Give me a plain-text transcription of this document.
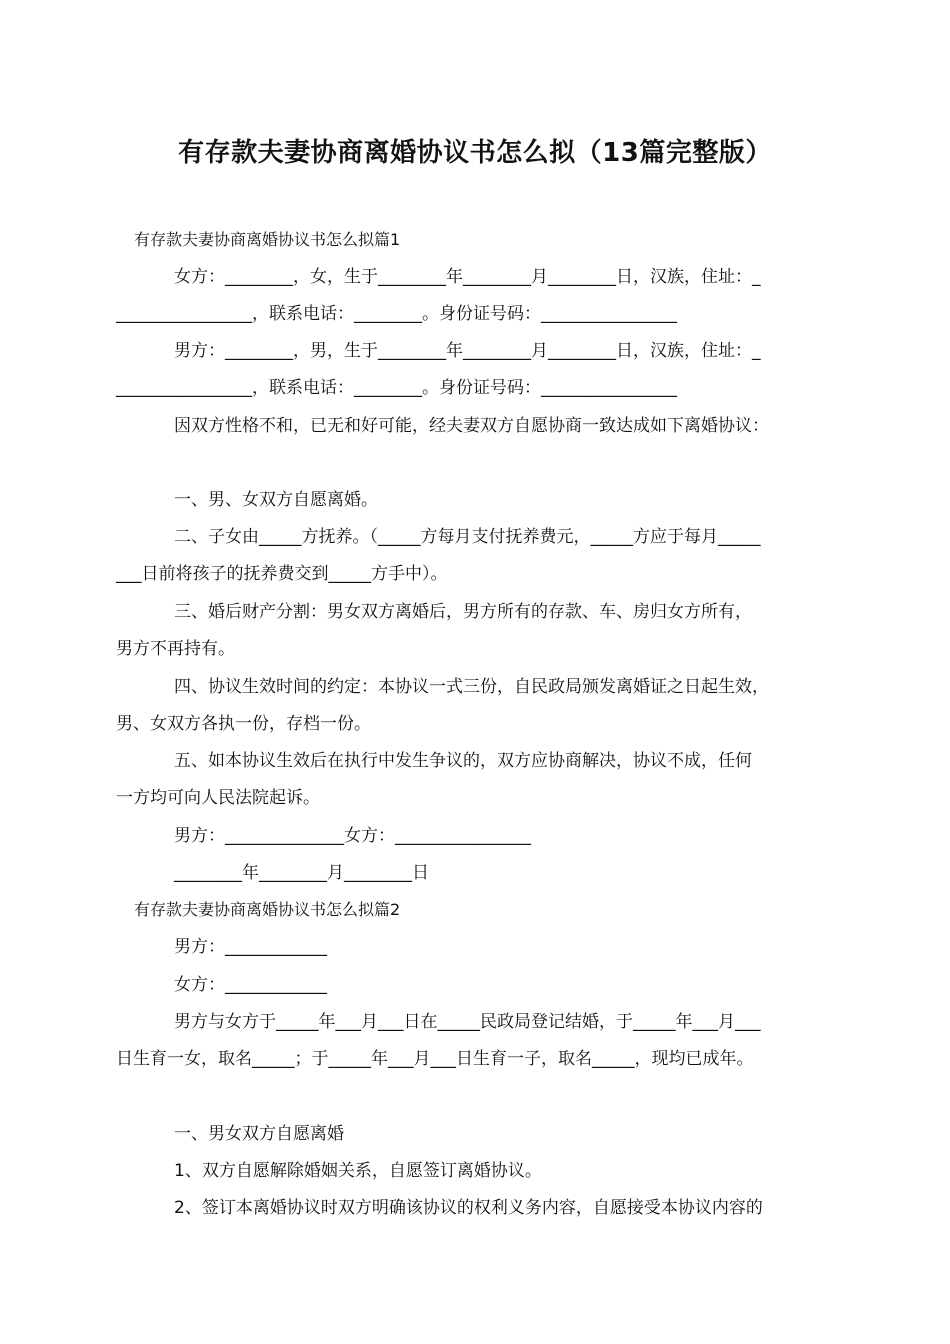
有存款夫妻协商离婚协议书怎么拟（13篇完整版）
有存款夫妻协商离婚协议书怎么拟篇1
女方：________，女，生于________年________月________日，汉族，住址：_
________________，联系电话：________。身份证号码：________________
男方：________，男，生于________年________月________日，汉族，住址：_
________________，联系电话：________。身份证号码：________________
因双方性格不和，已无和好可能，经夫妻双方自愿协商一致达成如下离婚协议：
一、男、女双方自愿离婚。
二、子女由_____方抚养。（_____方每月支付抚养费元，_____方应于每月_____
___日前将孩子的抚养费交到_____方手中）。
三、婚后财产分割：男女双方离婚后，男方所有的存款、车、房归女方所有，
男方不再持有。
四、协议生效时间的约定：本协议一式三份，自民政局颁发离婚证之日起生效，
男、女双方各执一份，存档一份。
五、如本协议生效后在执行中发生争议的，双方应协商解决，协议不成，任何
一方均可向人民法院起诉。
男方：______________女方：________________
________年________月________日
有存款夫妻协商离婚协议书怎么拟篇2
男方：____________
女方：____________
男方与女方于_____年___月___日在_____民政局登记结婚，于_____年___月___
日生育一女，取名_____；于_____年___月___日生育一子，取名_____，现均已成年。
一、男女双方自愿离婚
1、双方自愿解除婚姻关系，自愿签订离婚协议。
2、签订本离婚协议时双方明确该协议的权利义务内容，自愿接受本协议内容的
